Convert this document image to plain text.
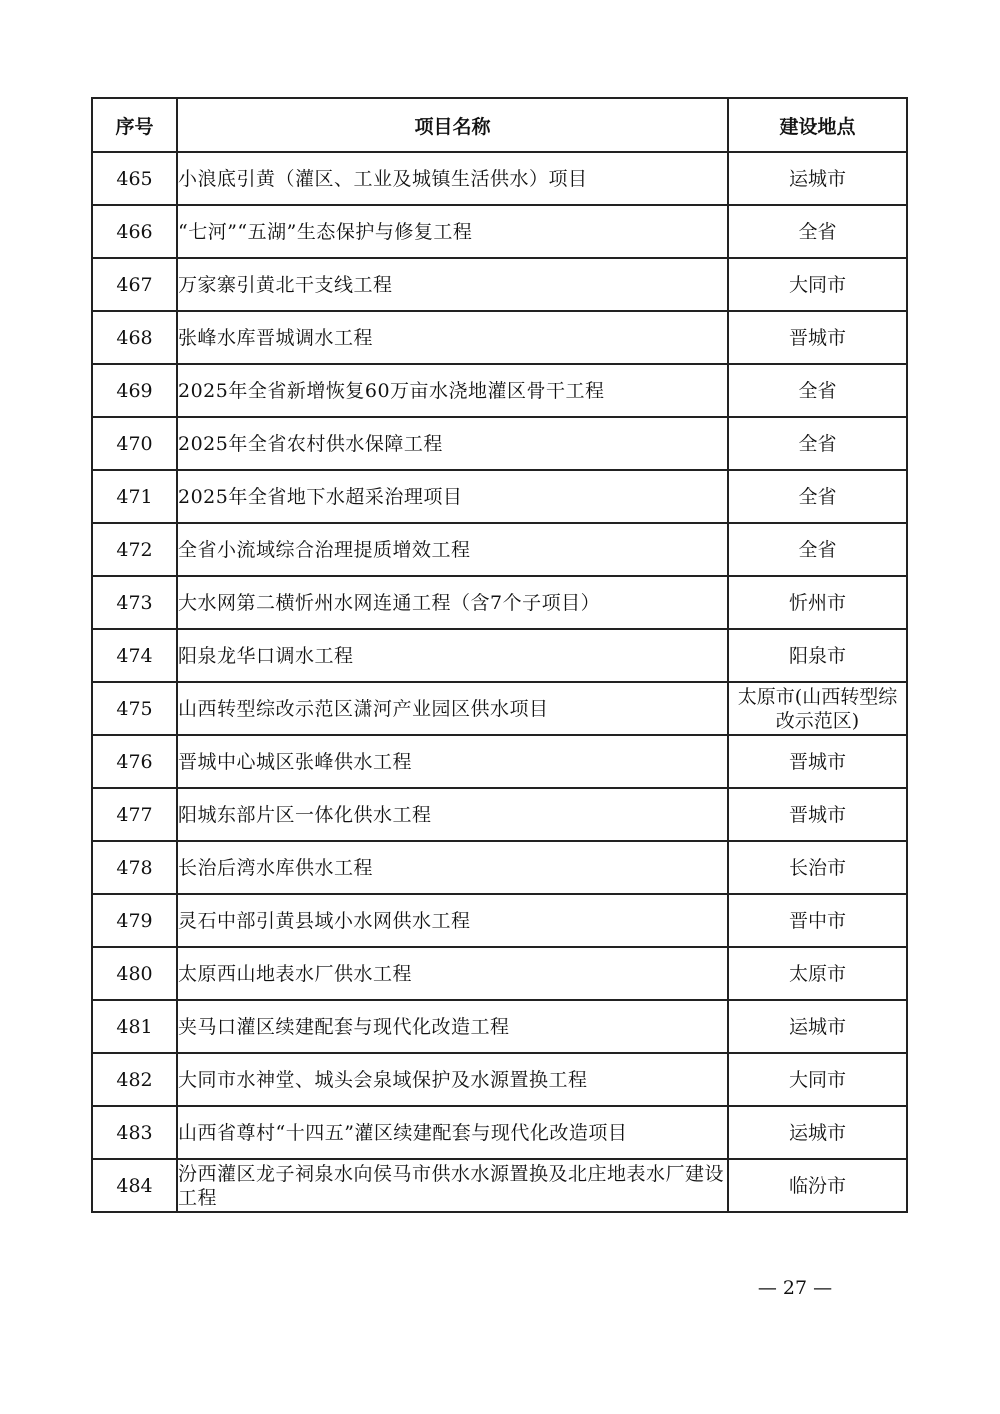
序号	项目名称	建设地点
465	小浪底引黄（灌区、工业及城镇生活供水）项目	运城市
466	“七河”“五湖”生态保护与修复工程	全省
467	万家寨引黄北干支线工程	大同市
468	张峰水库晋城调水工程	晋城市
469	2025年全省新增恢复60万亩水浇地灌区骨干工程	全省
470	2025年全省农村供水保障工程	全省
471	2025年全省地下水超采治理项目	全省
472	全省小流域综合治理提质增效工程	全省
473	大水网第二横忻州水网连通工程（含7个子项目）	忻州市
474	阳泉龙华口调水工程	阳泉市
475	山西转型综改示范区潇河产业园区供水项目	太原市(山西转型综改示范区)
476	晋城中心城区张峰供水工程	晋城市
477	阳城东部片区一体化供水工程	晋城市
478	长治后湾水库供水工程	长治市
479	灵石中部引黄县域小水网供水工程	晋中市
480	太原西山地表水厂供水工程	太原市
481	夹马口灌区续建配套与现代化改造工程	运城市
482	大同市水神堂、城头会泉域保护及水源置换工程	大同市
483	山西省尊村“十四五”灌区续建配套与现代化改造项目	运城市
484	汾西灌区龙子祠泉水向侯马市供水水源置换及北庄地表水厂建设工程	临汾市
— 27 —
